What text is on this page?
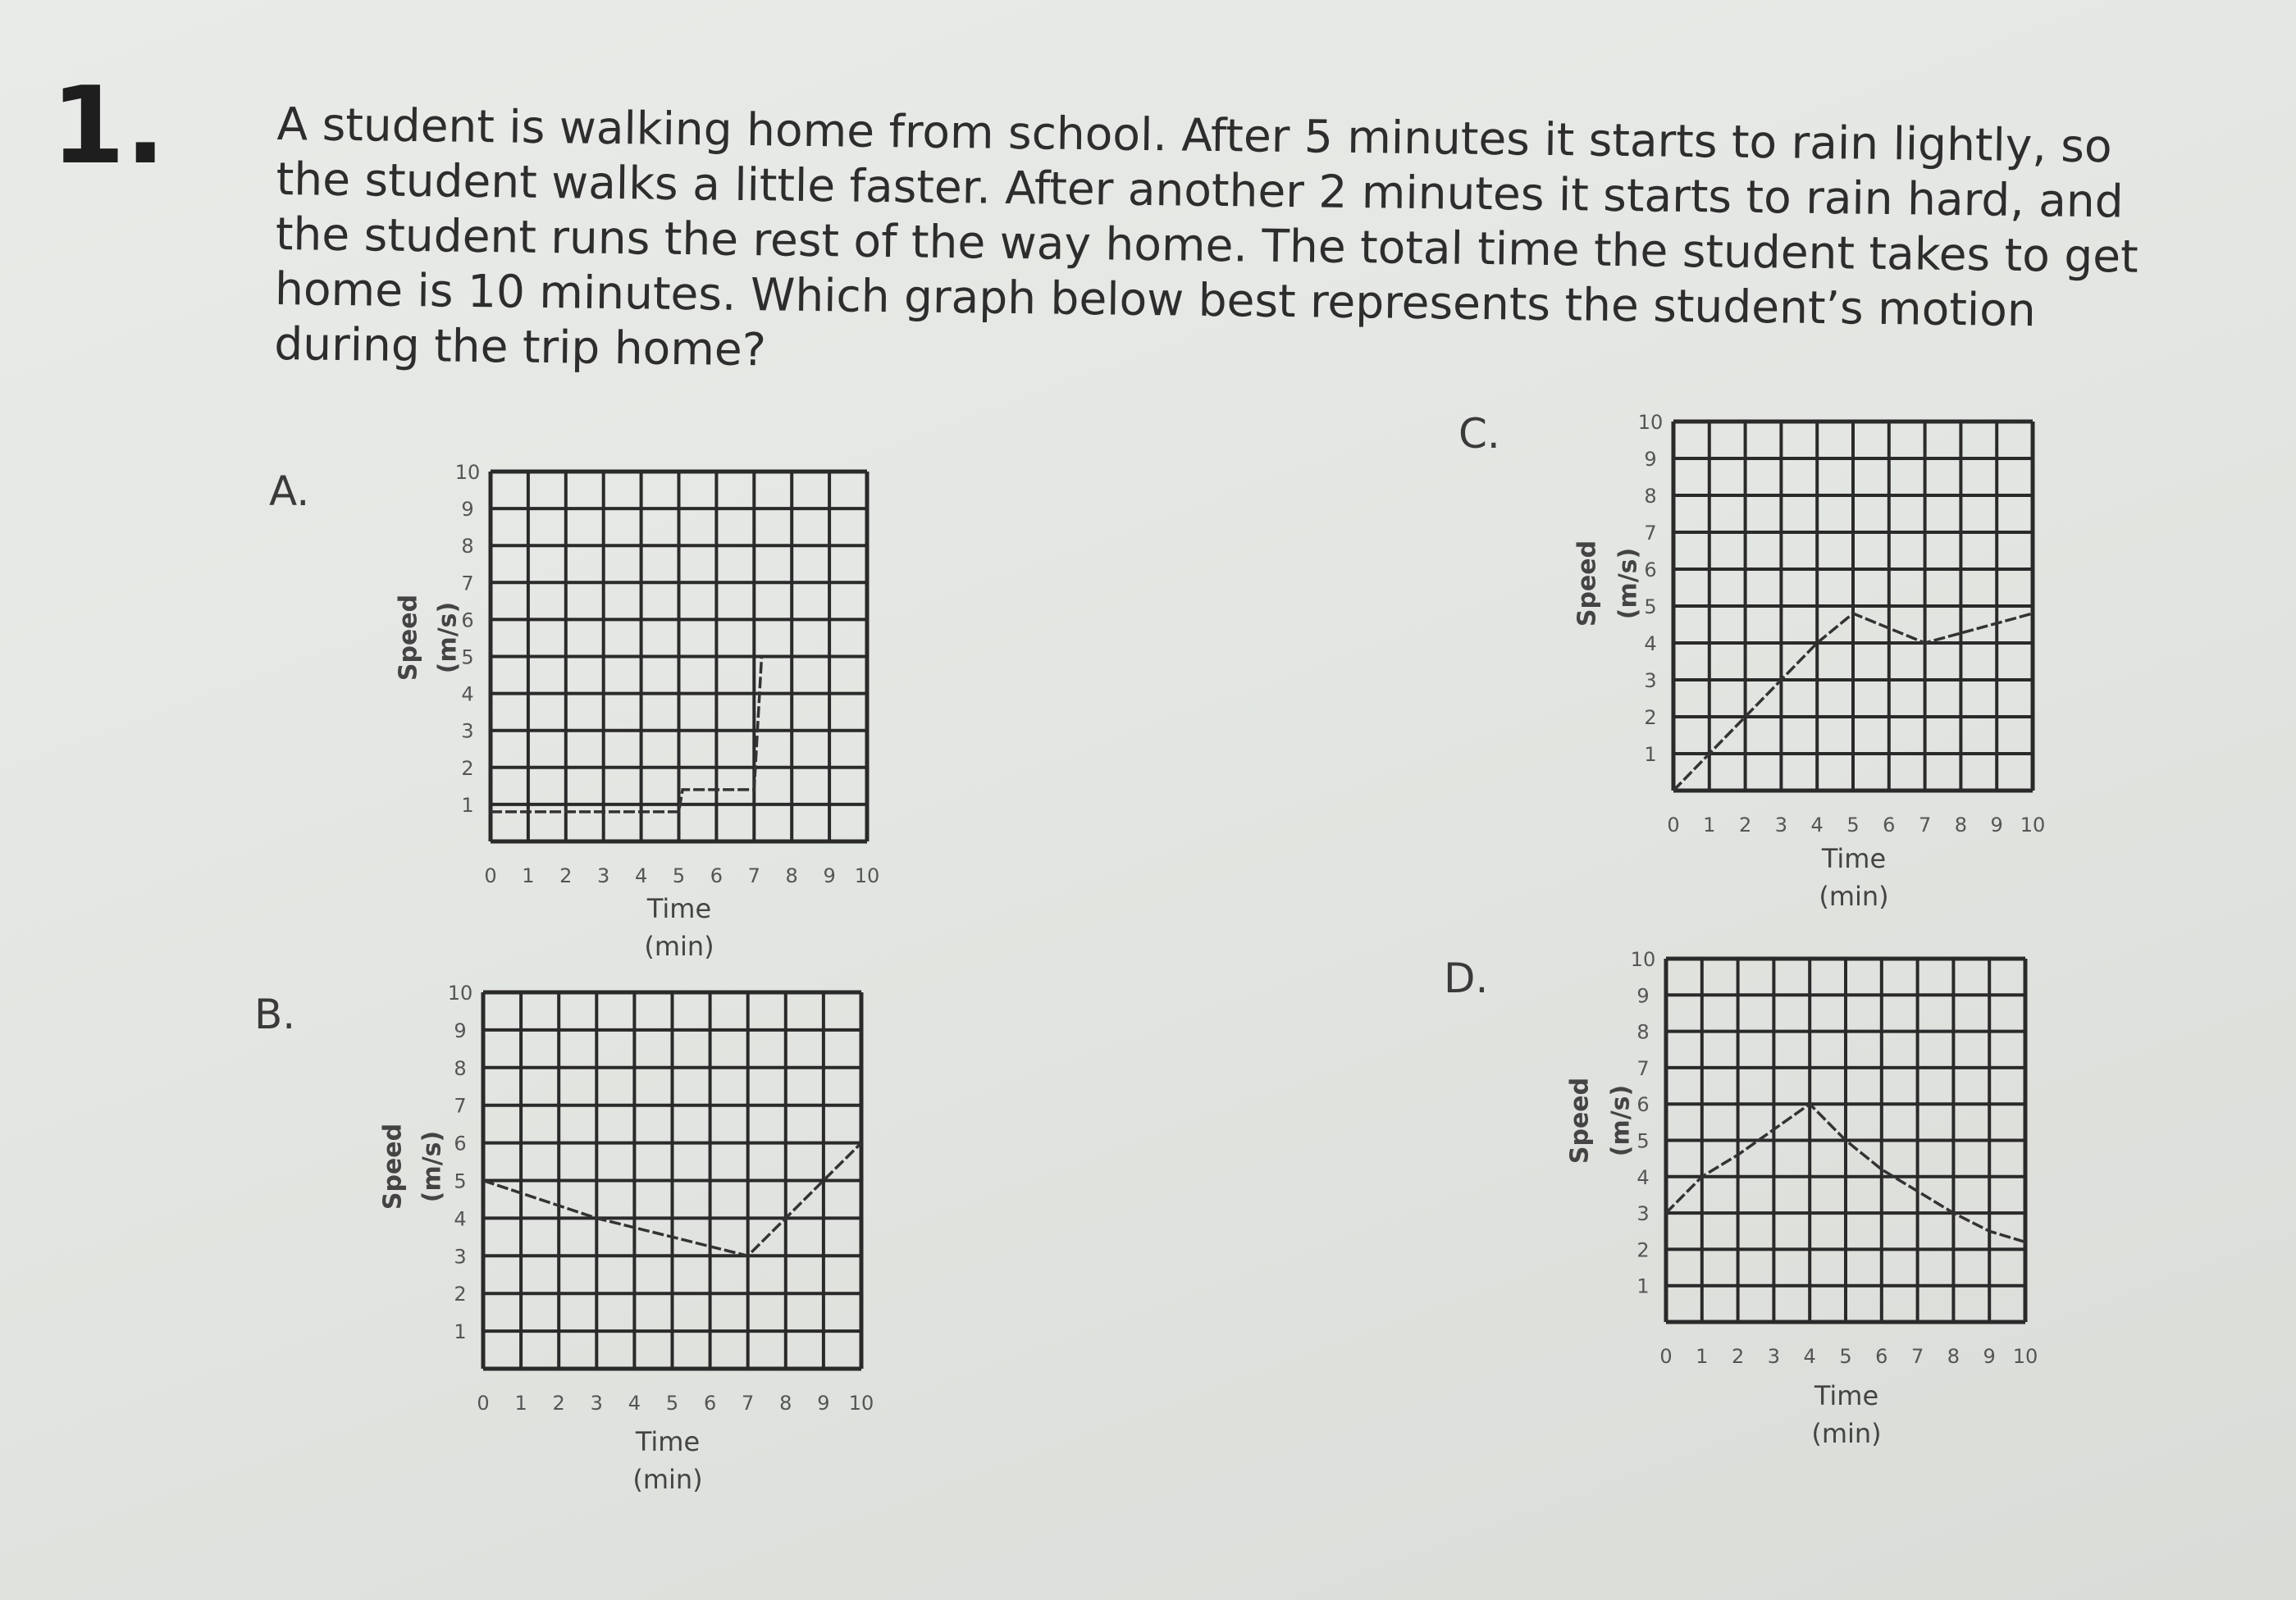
1. A student is walking home from school. After 5 minutes it starts to rain lightly, so the student walks a little faster. After another 2 minutes it starts to rain hard, and the student runs the rest of the way home. The total time the student takes to get home is 10 minutes. Which graph below best represents the student’s motion during the trip home?
A.
B.
C.
D.
0 1 2 3 4 5 6 7 8 9 10
1
2
3
4
5
6
7
8
9
10
Speed (m/s)
Time
(min)
0 1 2 3 4 5 6 7 8 9 10
1
2
3
4
5
6
7
8
9
10
Speed (m/s)
Time
(min)
0 1 2 3 4 5 6 7 8 9 10
1
2
3
4
5
6
7
8
9
10
Speed (m/s)
Time
(min)
0 1 2 3 4 5 6 7 8 9 10
1
2
3
4
5
6
7
8
9
10
Speed (m/s)
Time
(min)
